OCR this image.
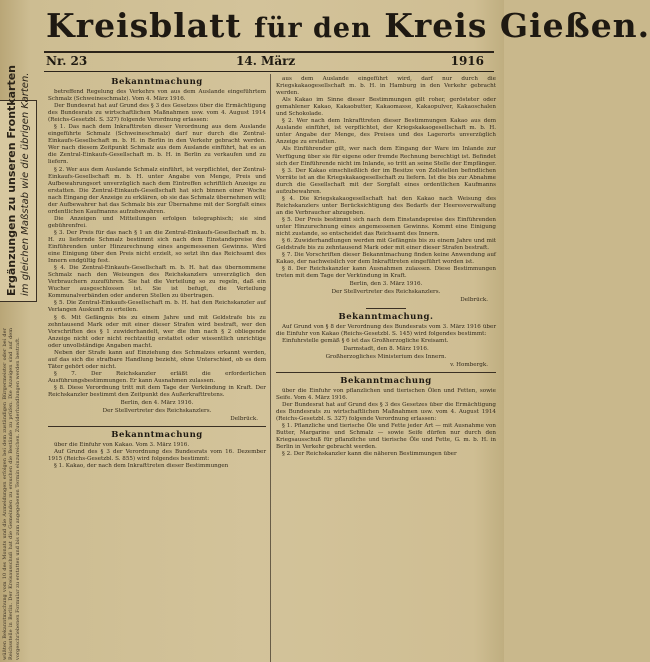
Kreisblatt für den Kreis Gießen.
Nr. 23	14. März	1916
Ergänzungen zu unseren Frontkarten im gleichen Maßstab wie die übrigen Karten.
wüßten Bekanntmachung vom 10 des Monats und die Anmeldungen erfolgen bei dem zuständigen Bürgermeister oder bei der Reichsstelle in Berlin. Der Kreisausschuß hat die Gemeinden zu ersuchen die Bestände zu prüfen. Die Anzeigen sind auf dem vorgeschriebenen Formular zu erstatten und bis zum angegebenen Termin einzureichen. Zuwiderhandlungen werden bestraft.
Bekanntmachung

betreffend Regelung des Verkehrs von aus dem Auslande eingeführtem Schmalz (Schweineschmalz). Vom 4. März 1916.

Der Bundesrat hat auf Grund des § 3 des Gesetzes über die Ermächtigung des Bundesrats zu wirtschaftlichen Maßnahmen usw. vom 4. August 1914 (Reichs-Gesetzbl. S. 327) folgende Verordnung erlassen:

§ 1. Das nach dem Inkrafttreten dieser Verordnung aus dem Auslande eingeführte Schmalz (Schweineschmalz) darf nur durch die Zentral-Einkaufs-Gesellschaft m. b. H. in Berlin in den Verkehr gebracht werden. Wer nach diesem Zeitpunkt Schmalz aus dem Auslande einführt, hat es an die Zentral-Einkaufs-Gesellschaft m. b. H. in Berlin zu verkaufen und zu liefern.

§ 2. Wer aus dem Auslande Schmalz einführt, ist verpflichtet, der Zentral-Einkaufs-Gesellschaft m. b. H. unter Angabe von Menge, Preis und Aufbewahrungsort unverzüglich nach dem Eintreffen schriftlich Anzeige zu erstatten. Die Zentral-Einkaufs-Gesellschaft hat sich binnen einer Woche nach Eingang der Anzeige zu erklären, ob sie das Schmalz übernehmen will; der Aufbewahrer hat das Schmalz bis zur Übernahme mit der Sorgfalt eines ordentlichen Kaufmanns aufzubewahren.

Die Anzeigen und Mitteilungen erfolgen telegraphisch; sie sind gebührenfrei.

§ 3. Der Preis für das nach § 1 an die Zentral-Einkaufs-Gesellschaft m. b. H. zu liefernde Schmalz bestimmt sich nach dem Einstandspreise des Einführenden unter Hinzurechnung eines angemessenen Gewinns. Wird eine Einigung über den Preis nicht erzielt, so setzt ihn das Reichsamt des Innern endgültig fest.

§ 4. Die Zentral-Einkaufs-Gesellschaft m. b. H. hat das übernommene Schmalz nach den Weisungen des Reichskanzlers unverzüglich den Verbrauchern zuzuführen. Sie hat die Verteilung so zu regeln, daß ein Wucher ausgeschlossen ist. Sie ist befugt, die Verteilung Kommunalverbänden oder anderen Stellen zu übertragen.

§ 5. Die Zentral-Einkaufs-Gesellschaft m. b. H. hat den Reichskanzler auf Verlangen Auskunft zu erteilen.

§ 6. Mit Gefängnis bis zu einem Jahre und mit Geldstrafe bis zu zehntausend Mark oder mit einer dieser Strafen wird bestraft, wer den Vorschriften des § 1 zuwiderhandelt, wer die ihm nach § 2 obliegende Anzeige nicht oder nicht rechtzeitig erstattet oder wissentlich unrichtige oder unvollständige Angaben macht.

Neben der Strafe kann auf Einziehung des Schmalzes erkannt werden, auf das sich die strafbare Handlung bezieht, ohne Unterschied, ob es dem Täter gehört oder nicht.

§ 7. Der Reichskanzler erläßt die erforderlichen Ausführungsbestimmungen. Er kann Ausnahmen zulassen.

§ 8. Diese Verordnung tritt mit dem Tage der Verkündung in Kraft. Der Reichskanzler bestimmt den Zeitpunkt des Außerkrafttretens.

Berlin, den 4. März 1916.
Der Stellvertreter des Reichskanzlers.
Delbrück.
Bekanntmachung

über die Einfuhr von Kakao. Vom 3. März 1916.

Auf Grund des § 3 der Verordnung des Bundesrats vom 16. Dezember 1915 (Reichs-Gesetzbl. S. 855) wird folgendes bestimmt:

§ 1. Kakao, der nach dem Inkrafttreten dieser Bestimmungen

aus dem Auslande eingeführt wird, darf nur durch die Kriegskakaogesellschaft m. b. H. in Hamburg in den Verkehr gebracht werden.

Als Kakao im Sinne dieser Bestimmungen gilt roher, gerösteter oder gemahlener Kakao, Kakaobutter, Kakaomasse, Kakaopulver, Kakaoschalen und Schokolade.

§ 2. Wer nach dem Inkrafttreten dieser Bestimmungen Kakao aus dem Auslande einführt, ist verpflichtet, der Kriegskakaogesellschaft m. b. H. unter Angabe der Menge, des Preises und des Lagerorts unverzüglich Anzeige zu erstatten.

Als Einführender gilt, wer nach dem Eingang der Ware im Inlande zur Verfügung über sie für eigene oder fremde Rechnung berechtigt ist. Befindet sich der Einführende nicht im Inlande, so tritt an seine Stelle der Empfänger.

§ 3. Der Kakao einschließlich der im Besitze von Zollstellen befindlichen Vorräte ist an die Kriegskakaogesellschaft zu liefern. Ist die bis zur Abnahme durch die Gesellschaft mit der Sorgfalt eines ordentlichen Kaufmanns aufzubewahren.

§ 4. Die Kriegskakaogesellschaft hat den Kakao nach Weisung des Reichskanzlers unter Berücksichtigung des Bedarfs der Heeresverwaltung an die Verbraucher abzugeben.

§ 5. Der Preis bestimmt sich nach dem Einstandspreise des Einführenden unter Hinzurechnung eines angemessenen Gewinns. Kommt eine Einigung nicht zustande, so entscheidet das Reichsamt des Innern.

§ 6. Zuwiderhandlungen werden mit Gefängnis bis zu einem Jahre und mit Geldstrafe bis zu zehntausend Mark oder mit einer dieser Strafen bestraft.

§ 7. Die Vorschriften dieser Bekanntmachung finden keine Anwendung auf Kakao, der nachweislich vor dem Inkrafttreten eingeführt worden ist.

§ 8. Der Reichskanzler kann Ausnahmen zulassen. Diese Bestimmungen treten mit dem Tage der Verkündung in Kraft.

Berlin, den 3. März 1916.
Der Stellvertreter des Reichskanzlers.
Delbrück.
Bekanntmachung.

Auf Grund von § 8 der Verordnung des Bundesrats vom 3. März 1916 über die Einfuhr von Kakao (Reichs-Gesetzbl. S. 145) wird folgendes bestimmt:

Einfuhrstelle gemäß § 6 ist das Großherzogliche Kreisamt.

Darmstadt, den 8. März 1916.
Großherzogliches Ministerium des Innern.
v. Hombergk.
Bekanntmachung

über die Einfuhr von pflanzlichen und tierischen Ölen und Fetten, sowie Seife. Vom 4. März 1916.

Der Bundesrat hat auf Grund des § 3 des Gesetzes über die Ermächtigung des Bundesrats zu wirtschaftlichen Maßnahmen usw. vom 4. August 1914 (Reichs-Gesetzbl. S. 327) folgende Verordnung erlassen:

§ 1. Pflanzliche und tierische Öle und Fette jeder Art — mit Ausnahme von Butter, Margarine und Schmalz — sowie Seife dürfen nur durch den Kriegsausschuß für pflanzliche und tierische Öle und Fette, G. m. b. H. in Berlin in Verkehr gebracht werden.

§ 2. Der Reichskanzler kann die näheren Bestimmungen über
